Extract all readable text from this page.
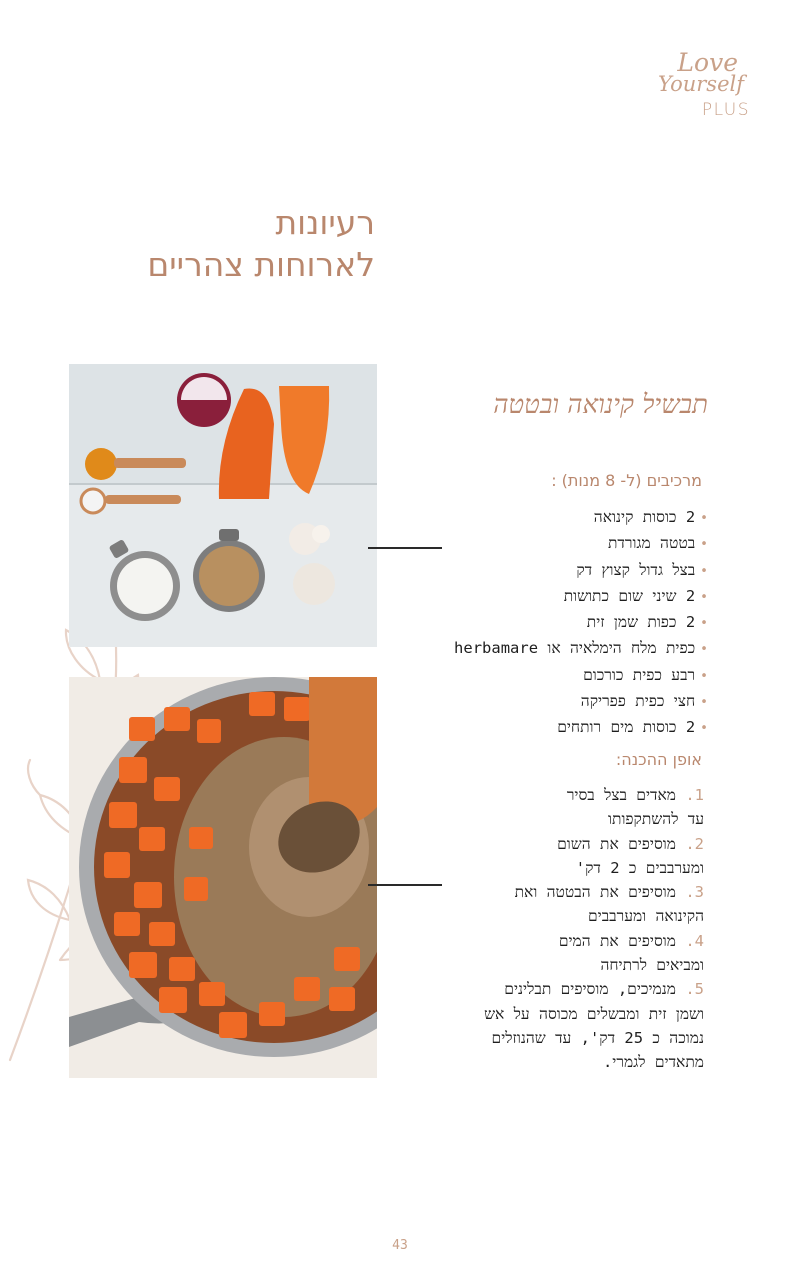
Love
Yourself
PLUS
רעיונות
לארוחות צהריים
תבשיל קינואה ובטטה
מרכיבים (ל- 8 מנות) :
•2 כוסות קינואה
•בטטה מגורדת
•בצל גדול קצוץ דק
•2 שיני שום כתושות
•2 כפות שמן זית
•כפית מלח הימלאיה או herbamare
•רבע כפית כורכום
•חצי כפית פפריקה
•2 כוסות מים רותחים
אופן ההכנה:

1. מאדים בצל בסיר

עד להשתקפותו

2. מוסיפים את השום

ומערבבים כ 2 דק'

3. מוסיפים את הבטטה ואת

הקינואה ומערבבים

4. מוסיפים את המים

ומביאים לרתיחה

5. מנמיכים, מוסיפים תבלינים

ושמן זית ומבשלים מכוסה על אש

נמוכה כ 25 דק', עד שהנוזלים

מתאדים לגמרי.

43
